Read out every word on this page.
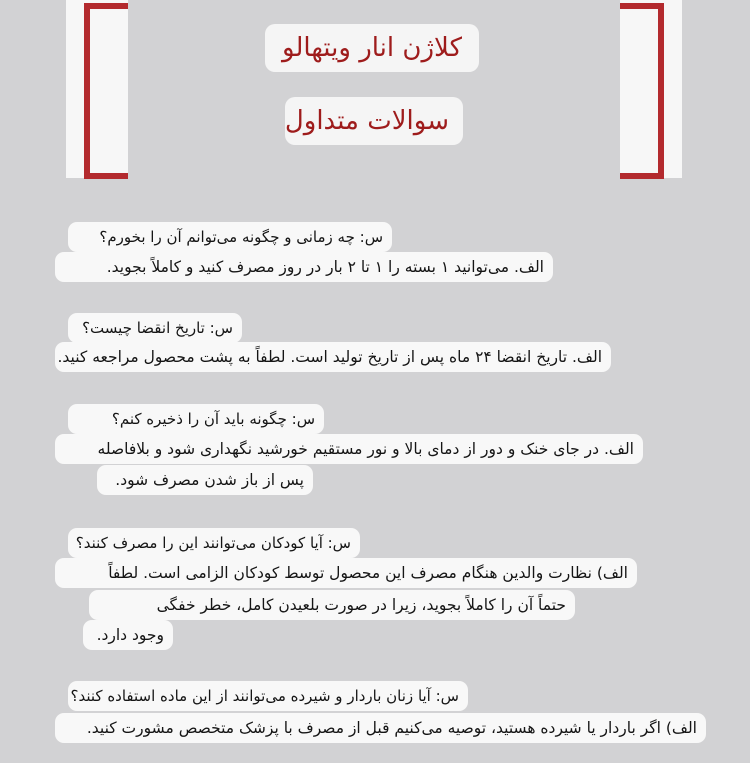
کلاژن انار ویتهالو
سوالات متداول
س: چه زمانی و چگونه می‌توانم آن را بخورم؟
الف. می‌توانید ۱ بسته را ۱ تا ۲ بار در روز مصرف کنید و کاملاً بجوید.
س: تاریخ انقضا چیست؟
الف. تاریخ انقضا ۲۴ ماه پس از تاریخ تولید است. لطفاً به پشت محصول مراجعه کنید.
س: چگونه باید آن را ذخیره کنم؟
الف. در جای خنک و دور از دمای بالا و نور مستقیم خورشید نگهداری شود و بلافاصله
پس از باز شدن مصرف شود.
س: آیا کودکان می‌توانند این را مصرف کنند؟
الف) نظارت والدین هنگام مصرف این محصول توسط کودکان الزامی است. لطفاً
حتماً آن را کاملاً بجوید، زیرا در صورت بلعیدن کامل، خطر خفگی
وجود دارد.
س: آیا زنان باردار و شیرده می‌توانند از این ماده استفاده کنند؟
الف) اگر باردار یا شیرده هستید، توصیه می‌کنیم قبل از مصرف با پزشک متخصص مشورت کنید.
